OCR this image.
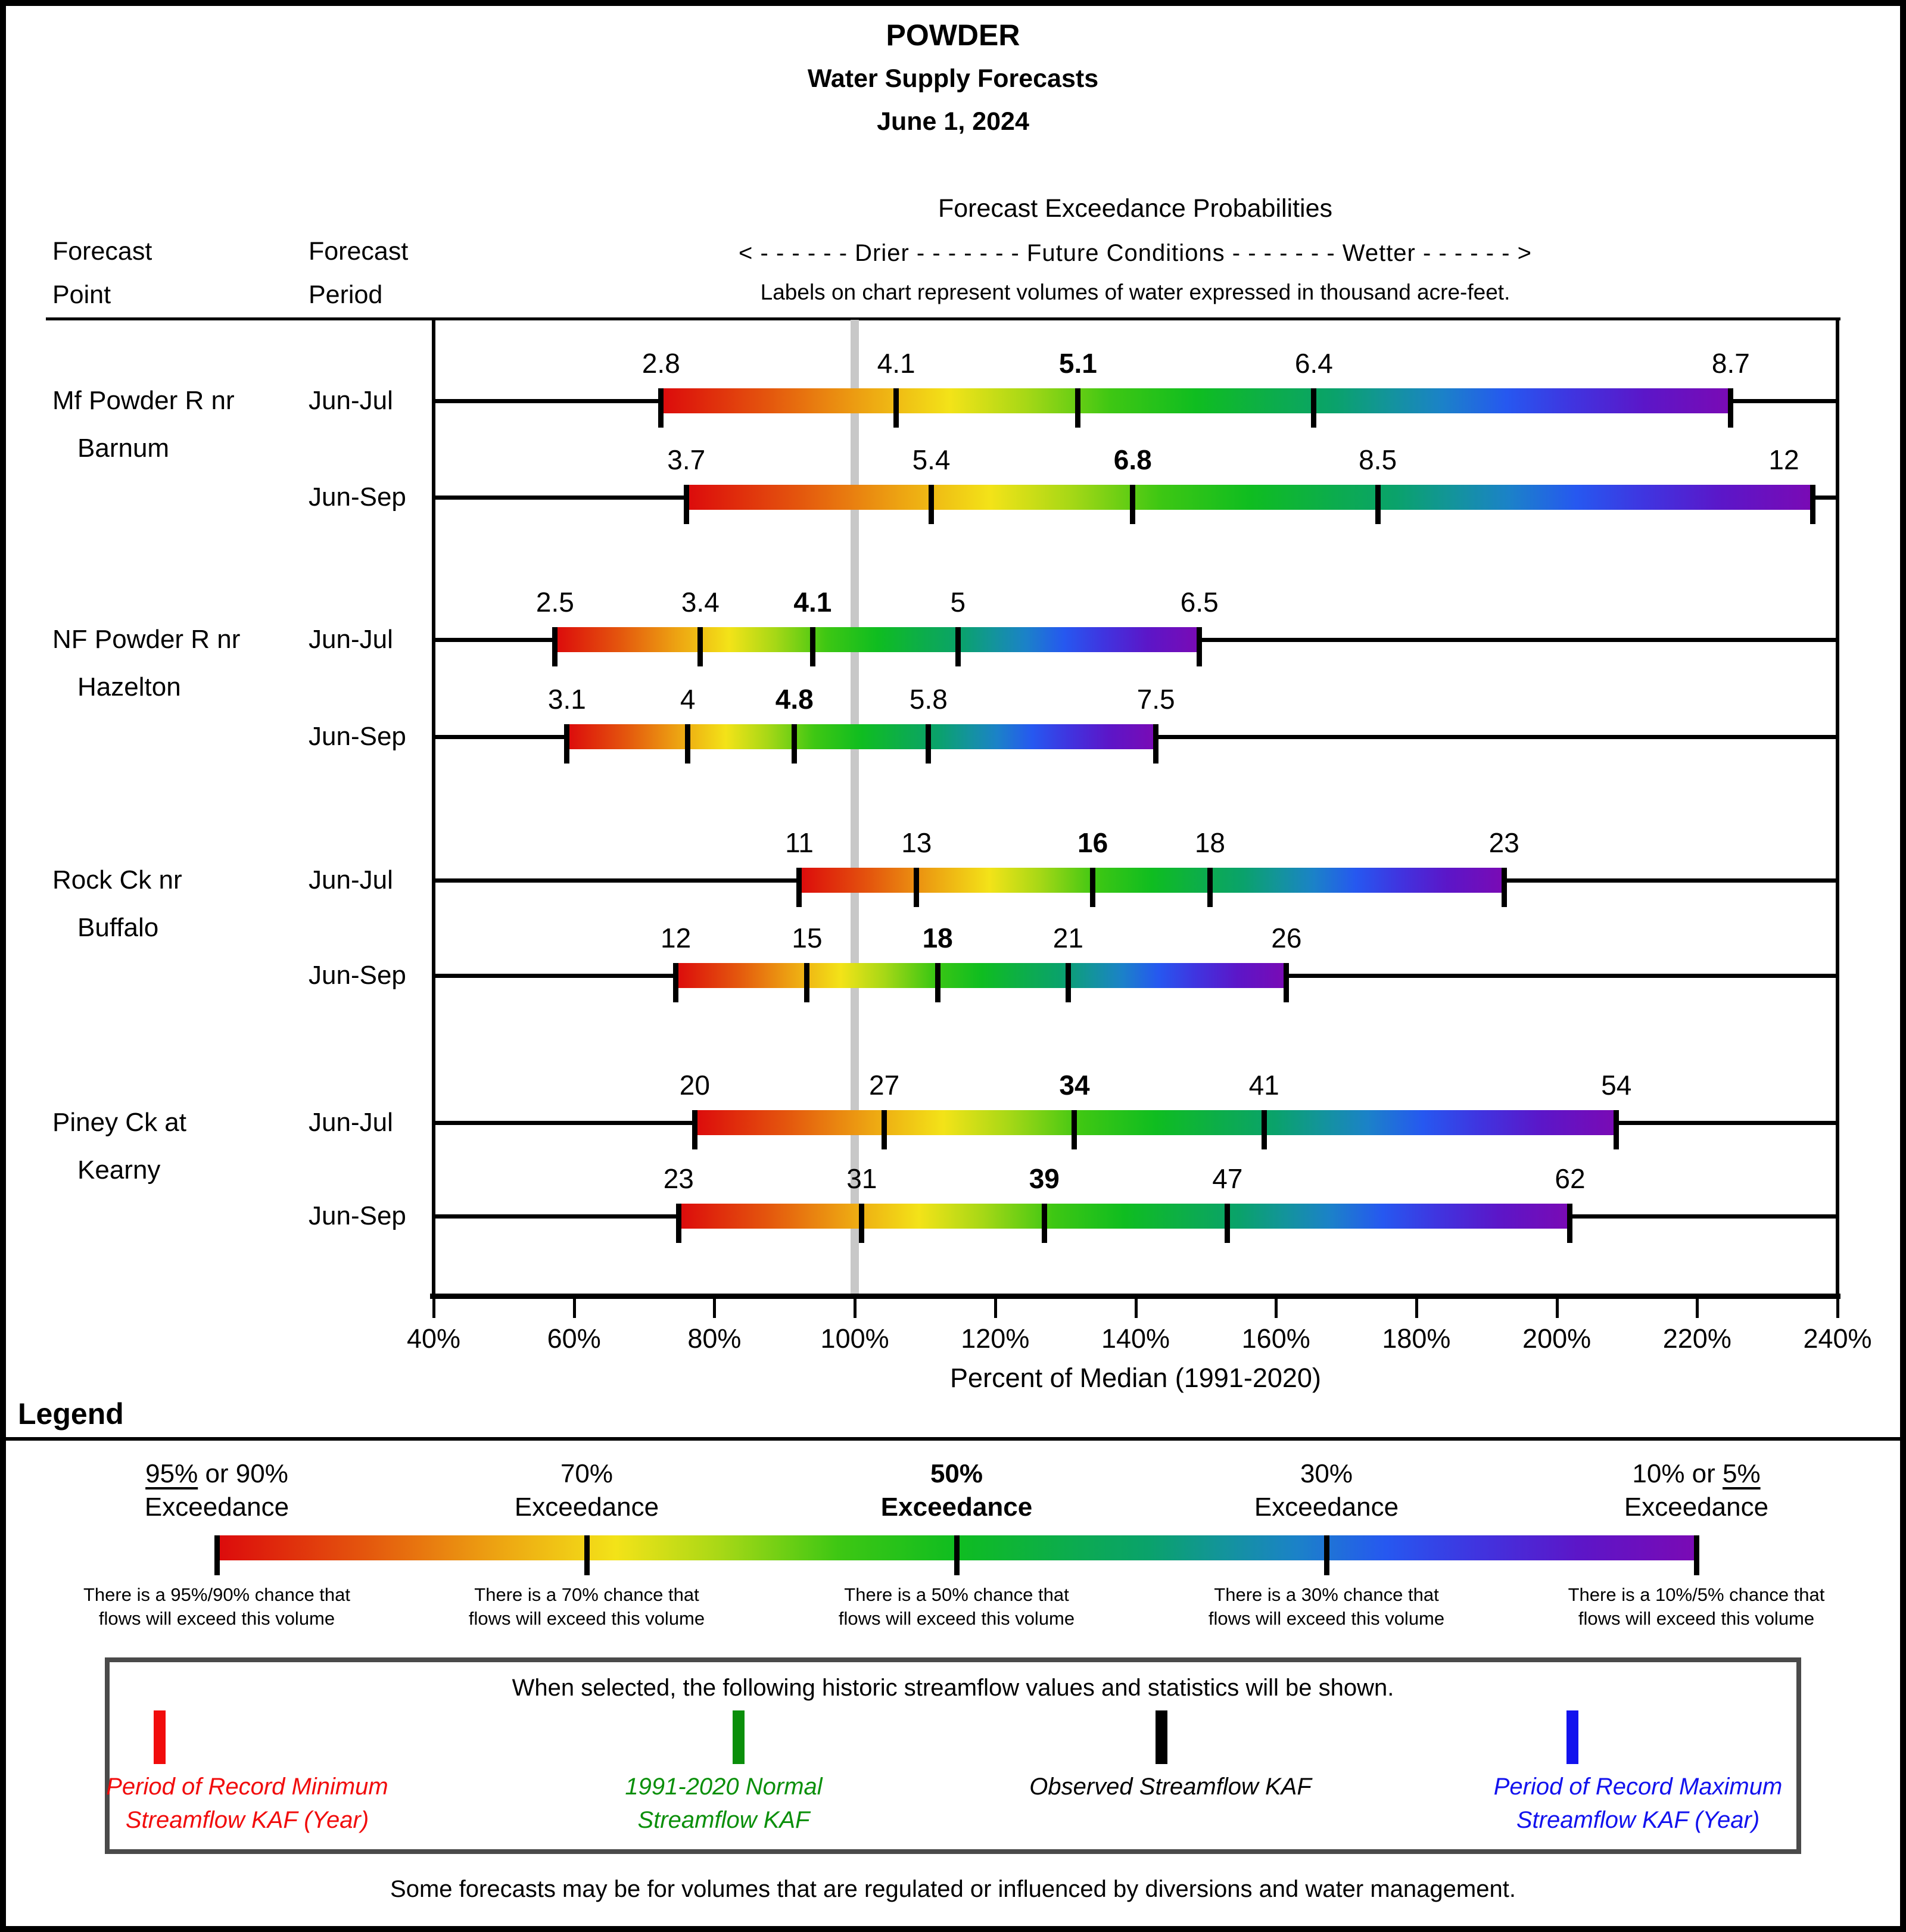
POWDER
Water Supply Forecasts
June 1, 2024
Forecast Exceedance Probabilities
< - - - - - - Drier - - - - - - - Future Conditions - - - - - - - Wetter - - - - - - >
Labels on chart represent volumes of water expressed in thousand acre-feet.
Forecast
Point
Forecast
Period
40%	60%	80%	100%	120%	140%	160%	180%	200%	220%	240%
Percent of Median (1991-2020)
Mf Powder R nr
Barnum
Jun-Jul
2.8	4.1	5.1	6.4	8.7
Jun-Sep
3.7	5.4	6.8	8.5	12
NF Powder R nr
Hazelton
Jun-Jul
2.5	3.4	4.1	5	6.5
Jun-Sep
3.1	4	4.8	5.8	7.5
Rock Ck nr
Buffalo
Jun-Jul
11	13	16	18	23
Jun-Sep
12	15	18	21	26
Piney Ck at
Kearny
Jun-Jul
20	27	34	41	54
Jun-Sep
23	31	39	47	62
Legend
95% or 90%
Exceedance
There is a 95%/90% chance that
flows will exceed this volume
70%
Exceedance
There is a 70% chance that
flows will exceed this volume
50%
Exceedance
There is a 50% chance that
flows will exceed this volume
30%
Exceedance
There is a 30% chance that
flows will exceed this volume
10% or 5%
Exceedance
There is a 10%/5% chance that
flows will exceed this volume
When selected, the following historic streamflow values and statistics will be shown.
Period of Record Minimum
Streamflow KAF (Year)
1991-2020 Normal
Streamflow KAF
Observed Streamflow KAF	Period of Record Maximum
Streamflow KAF (Year)
Some forecasts may be for volumes that are regulated or influenced by diversions and water management.
